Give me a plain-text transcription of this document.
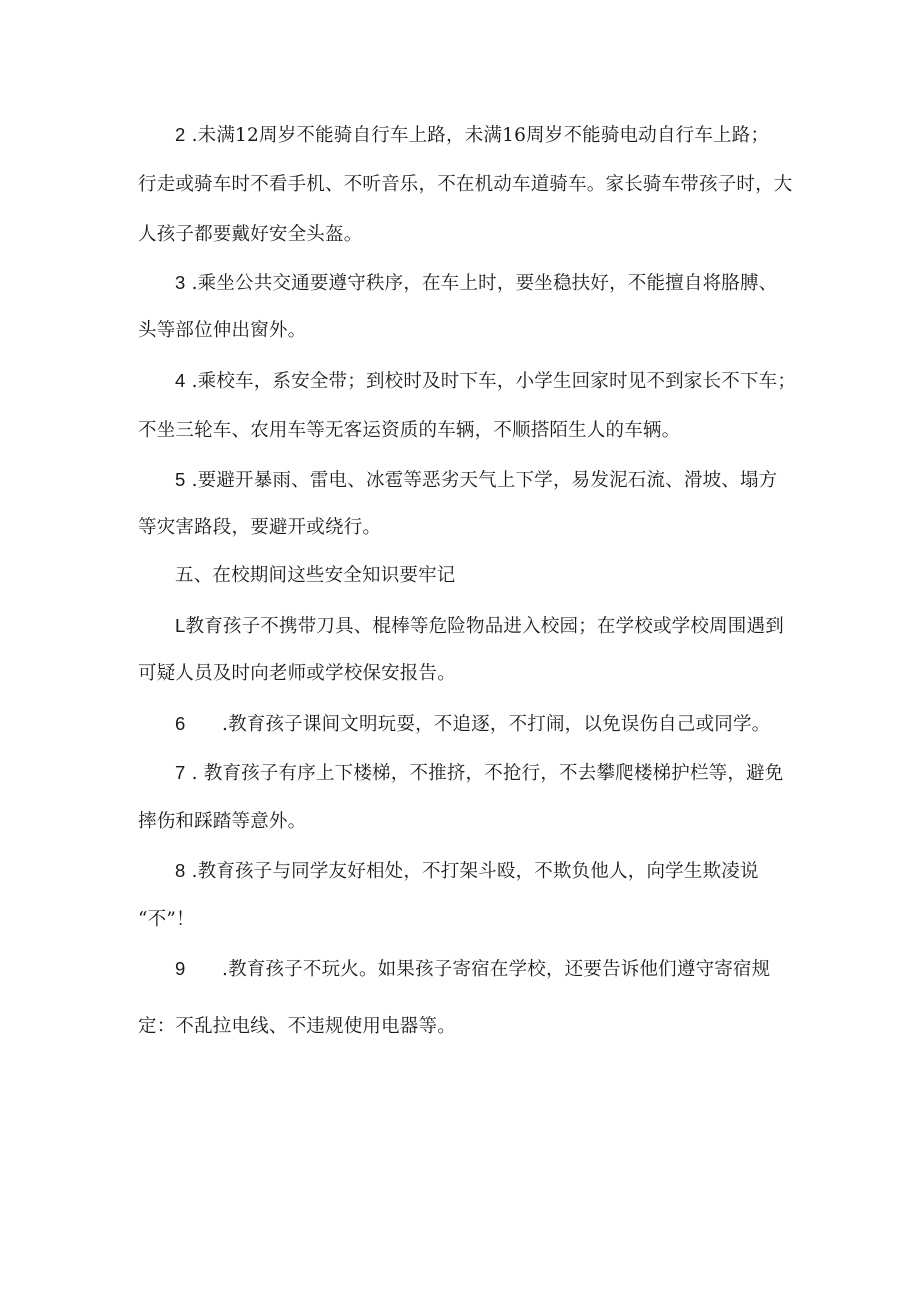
2 .未满12周岁不能骑自行车上路，未满16周岁不能骑电动自行车上路；
行走或骑车时不看手机、不听音乐，不在机动车道骑车。家长骑车带孩子时，大
人孩子都要戴好安全头盔。
3 .乘坐公共交通要遵守秩序，在车上时，要坐稳扶好，不能擅自将胳膊、
头等部位伸出窗外。
4 .乘校车，系安全带；到校时及时下车，小学生回家时见不到家长不下车；
不坐三轮车、农用车等无客运资质的车辆，不顺搭陌生人的车辆。
5 .要避开暴雨、雷电、冰雹等恶劣天气上下学，易发泥石流、滑坡、塌方
等灾害路段，要避开或绕行。
五、在校期间这些安全知识要牢记
L教育孩子不携带刀具、棍棒等危险物品进入校园；在学校或学校周围遇到
可疑人员及时向老师或学校保安报告。
6      .教育孩子课间文明玩耍，不追逐，不打闹，以免误伤自己或同学。
7 . 教育孩子有序上下楼梯，不推挤，不抢行，不去攀爬楼梯护栏等，避免
摔伤和踩踏等意外。
8 .教育孩子与同学友好相处，不打架斗殴，不欺负他人，向学生欺凌说
“不”！
9      .教育孩子不玩火。如果孩子寄宿在学校，还要告诉他们遵守寄宿规
定：不乱拉电线、不违规使用电器等。
